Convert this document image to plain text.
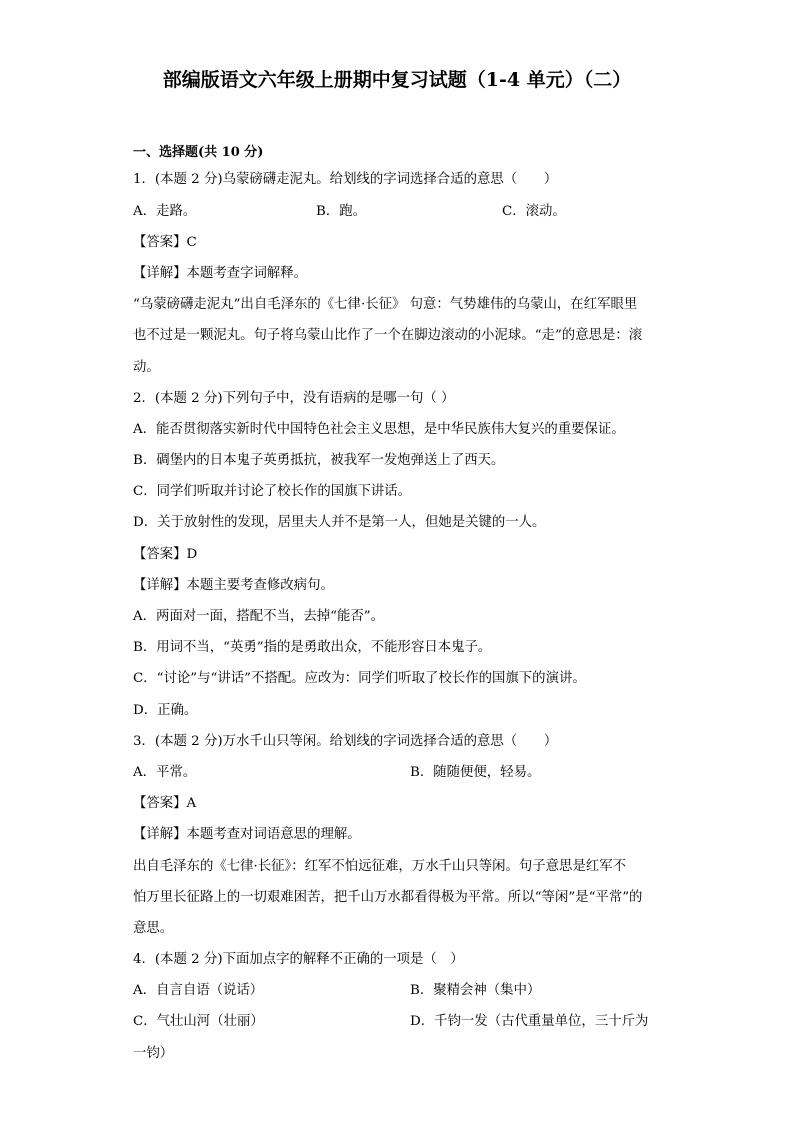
部编版语文六年级上册期中复习试题（1-4 单元）（二）
一、选择题(共 10 分)
1．(本题 2 分)乌蒙磅礴走泥丸。给划线的字词选择合适的意思（　　）
A．走路。	B．跑。	C．滚动。
【答案】C
【详解】本题考查字词解释。
“乌蒙磅礴走泥丸”出自毛泽东的《七律·长征》 句意：气势雄伟的乌蒙山，在红军眼里
也不过是一颗泥丸。句子将乌蒙山比作了一个在脚边滚动的小泥球。“走”的意思是：滚
动。
2．(本题 2 分)下列句子中，没有语病的是哪一句（ ）
A．能否贯彻落实新时代中国特色社会主义思想，是中华民族伟大复兴的重要保证。
B．碉堡内的日本鬼子英勇抵抗，被我军一发炮弹送上了西天。
C．同学们听取并讨论了校长作的国旗下讲话。
D．关于放射性的发现，居里夫人并不是第一人，但她是关键的一人。
【答案】D
【详解】本题主要考查修改病句。
A．两面对一面，搭配不当，去掉“能否”。
B．用词不当，“英勇”指的是勇敢出众，不能形容日本鬼子。
C．“讨论”与“讲话”不搭配。应改为：同学们听取了校长作的国旗下的演讲。
D．正确。
3．(本题 2 分)万水千山只等闲。给划线的字词选择合适的意思（　　）
A．平常。	B．随随便便，轻易。
【答案】A
【详解】本题考查对词语意思的理解。
出自毛泽东的《七律·长征》：红军不怕远征难，万水千山只等闲。句子意思是红军不
怕万里长征路上的一切艰难困苦，把千山万水都看得极为平常。所以“等闲”是“平常”的
意思。
4．(本题 2 分)下面加点字的解释不正确的一项是（　）
A．自言自语（说话）	B．聚精会神（集中）
C．气壮山河（壮丽）	D．千钧一发（古代重量单位，三十斤为
一钧）
